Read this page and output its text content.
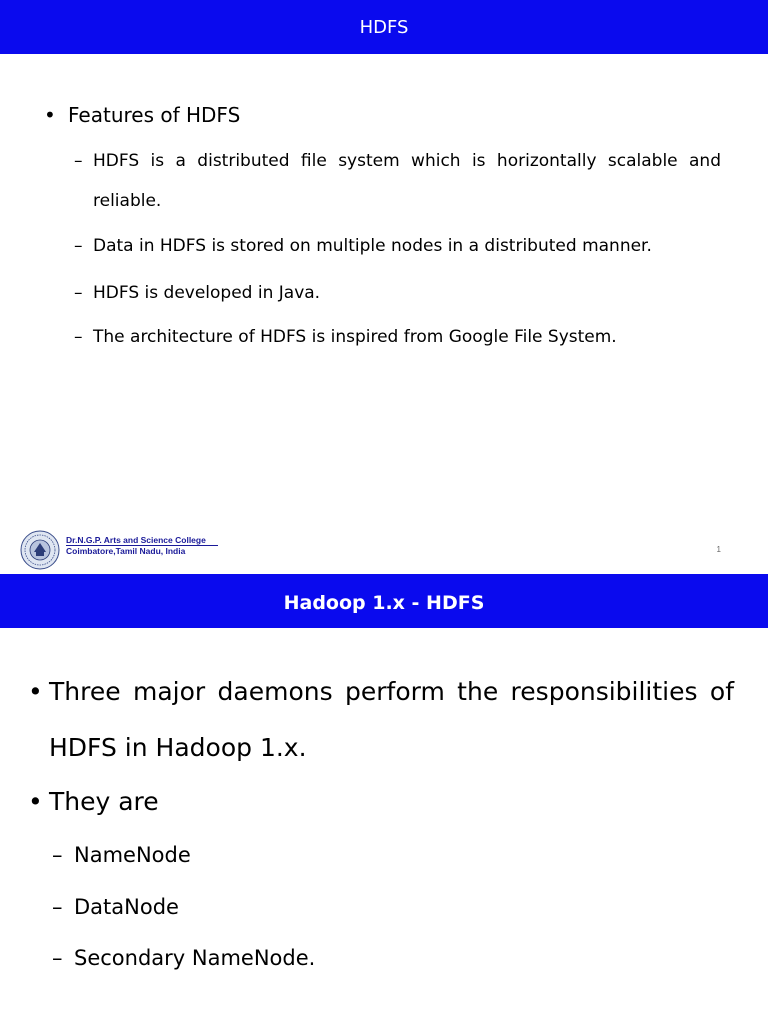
HDFS
• Features of HDFS
– HDFS is a distributed file system which is horizontally scalable and reliable.
– Data in HDFS is stored on multiple nodes in a distributed manner.
– HDFS is developed in Java.
– The architecture of HDFS is inspired from Google File System.
Dr.N.G.P. Arts and Science College
Coimbatore,Tamil Nadu, India	1
Hadoop 1.x - HDFS
• Three major daemons perform the responsibilities of HDFS in Hadoop 1.x.
• They are
– NameNode
– DataNode
– Secondary NameNode.
